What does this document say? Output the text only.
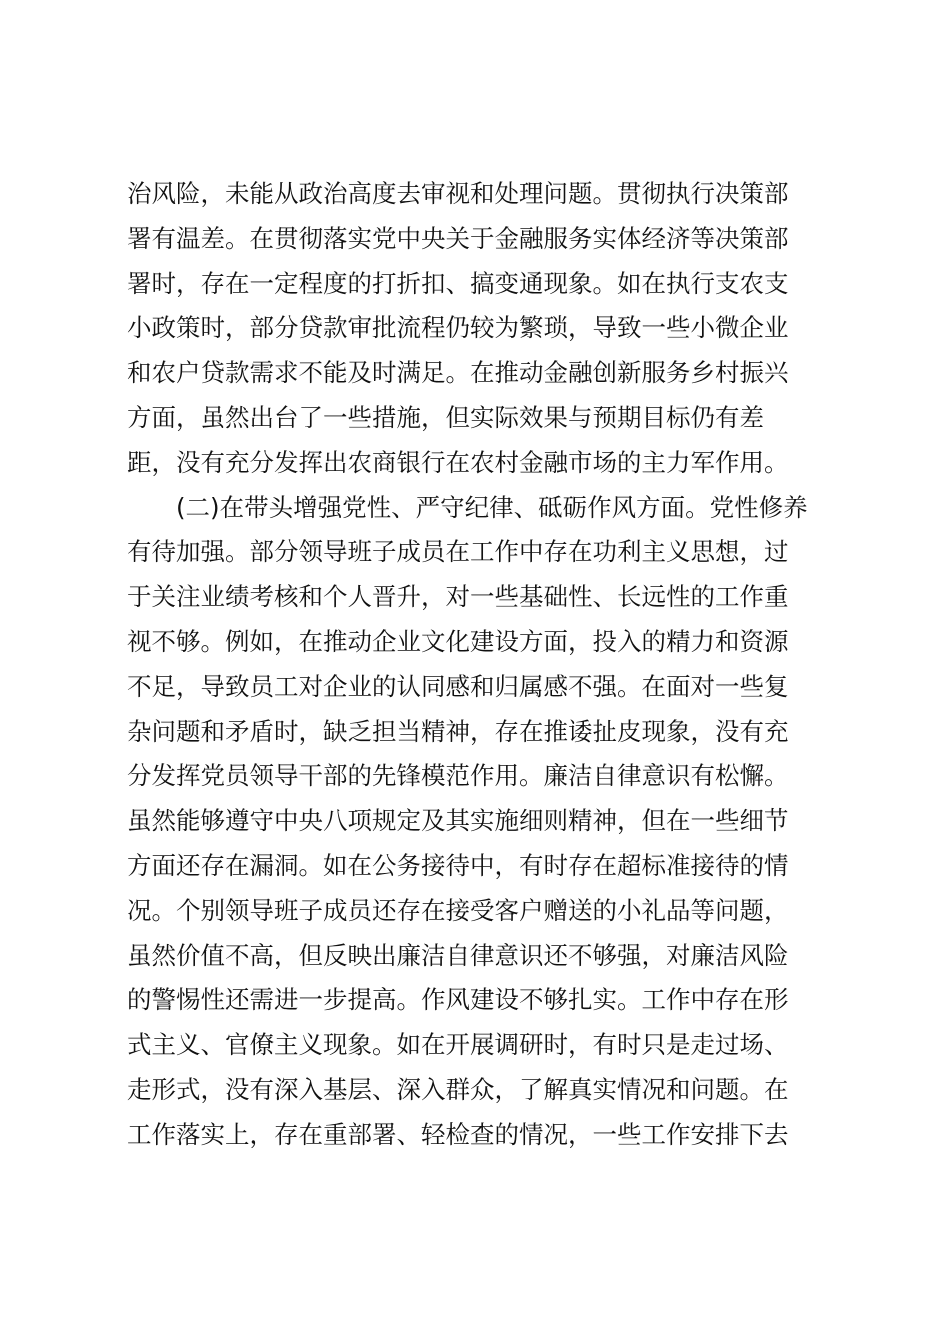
治风险，未能从政治高度去审视和处理问题。贯彻执行决策部
署有温差。在贯彻落实党中央关于金融服务实体经济等决策部
署时，存在一定程度的打折扣、搞变通现象。如在执行支农支
小政策时，部分贷款审批流程仍较为繁琐，导致一些小微企业
和农户贷款需求不能及时满足。在推动金融创新服务乡村振兴
方面，虽然出台了一些措施，但实际效果与预期目标仍有差
距，没有充分发挥出农商银行在农村金融市场的主力军作用。
(二)在带头增强党性、严守纪律、砥砺作风方面。党性修养
有待加强。部分领导班子成员在工作中存在功利主义思想，过
于关注业绩考核和个人晋升，对一些基础性、长远性的工作重
视不够。例如，在推动企业文化建设方面，投入的精力和资源
不足，导致员工对企业的认同感和归属感不强。在面对一些复
杂问题和矛盾时，缺乏担当精神，存在推诿扯皮现象，没有充
分发挥党员领导干部的先锋模范作用。廉洁自律意识有松懈。
虽然能够遵守中央八项规定及其实施细则精神，但在一些细节
方面还存在漏洞。如在公务接待中，有时存在超标准接待的情
况。个别领导班子成员还存在接受客户赠送的小礼品等问题，
虽然价值不高，但反映出廉洁自律意识还不够强，对廉洁风险
的警惕性还需进一步提高。作风建设不够扎实。工作中存在形
式主义、官僚主义现象。如在开展调研时，有时只是走过场、
走形式，没有深入基层、深入群众，了解真实情况和问题。在
工作落实上，存在重部署、轻检查的情况，一些工作安排下去
